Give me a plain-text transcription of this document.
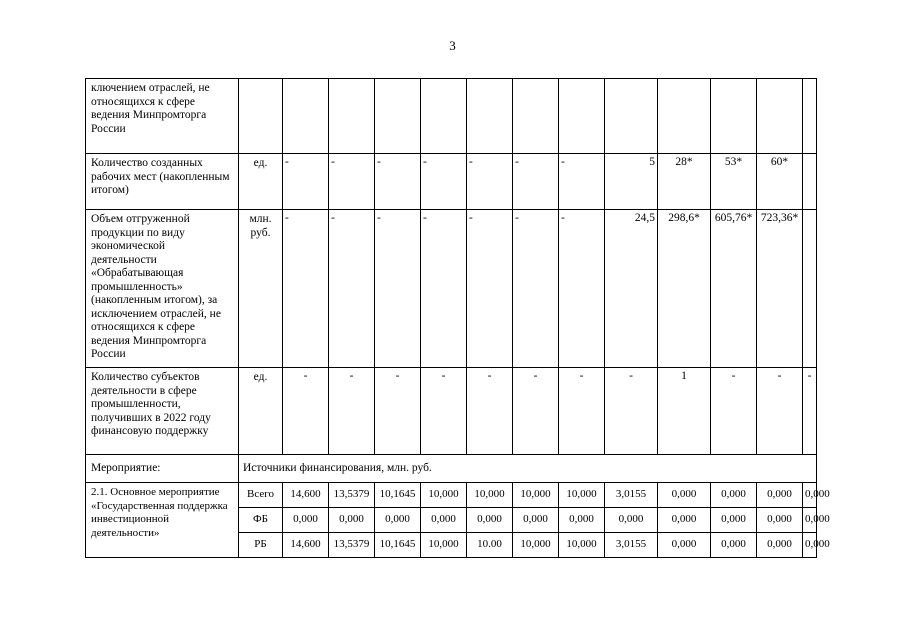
3
ключением отраслей, не относящихся к сфере ведения Минпромторга России													
Количество созданных рабочих мест (накопленным итогом)	ед.	-	-	-	-	-	-	-	5	28*	53*	60*	
Объем отгруженной продукции по виду экономической деятельности «Обрабатывающая промышленность» (накопленным итогом), за исключением отраслей, не относящихся к сфере ведения Минпромторга России	млн. руб.	-	-	-	-	-	-	-	24,5	298,6*	605,76*	723,36*	
Количество субъектов деятельности в сфере промышленности, получивших в 2022 году финансовую поддержку	ед.	-	-	-	-	-	-	-	-	1	-	-	-
Мероприятие:	Источники финансирования, млн. руб.												
2.1. Основное мероприятие «Государственная поддержка инвестиционной деятельности»	Всего	14,600	13,5379	10,1645	10,000	10,000	10,000	10,000	3,0155	0,000	0,000	0,000	0,000
	ФБ	0,000	0,000	0,000	0,000	0,000	0,000	0,000	0,000	0,000	0,000	0,000	0,000
	РБ	14,600	13,5379	10,1645	10,000	10.00	10,000	10,000	3,0155	0,000	0,000	0,000	0,000
